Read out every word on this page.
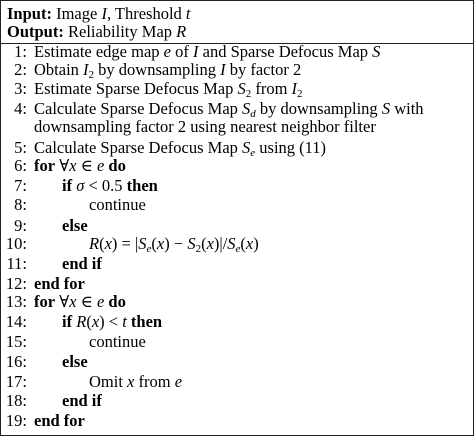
Input: Image I, Threshold t
Output: Reliability Map R
1: Estimate edge map e of I and Sparse Defocus Map S
2: Obtain I2 by downsampling I by factor 2
3: Estimate Sparse Defocus Map S2 from I2
4: Calculate Sparse Defocus Map $S_d$ by downsampling S with
downsampling factor 2 using nearest neighbor filter
5: Calculate Sparse Defocus Map $S_e$ using (11)
6: for ∀x ∈ e do
7: if σ < 0.5 then
8:	continue
9: else
10:	$R(x) = |S_e(x) - S2(x)|/S_e(x)$
11: end if
12: end for
13: for ∀x ∈ e do
14: if R(x) < t then
15:	continue
16: else
17:	Omit x from e
18: end if
19: end for
